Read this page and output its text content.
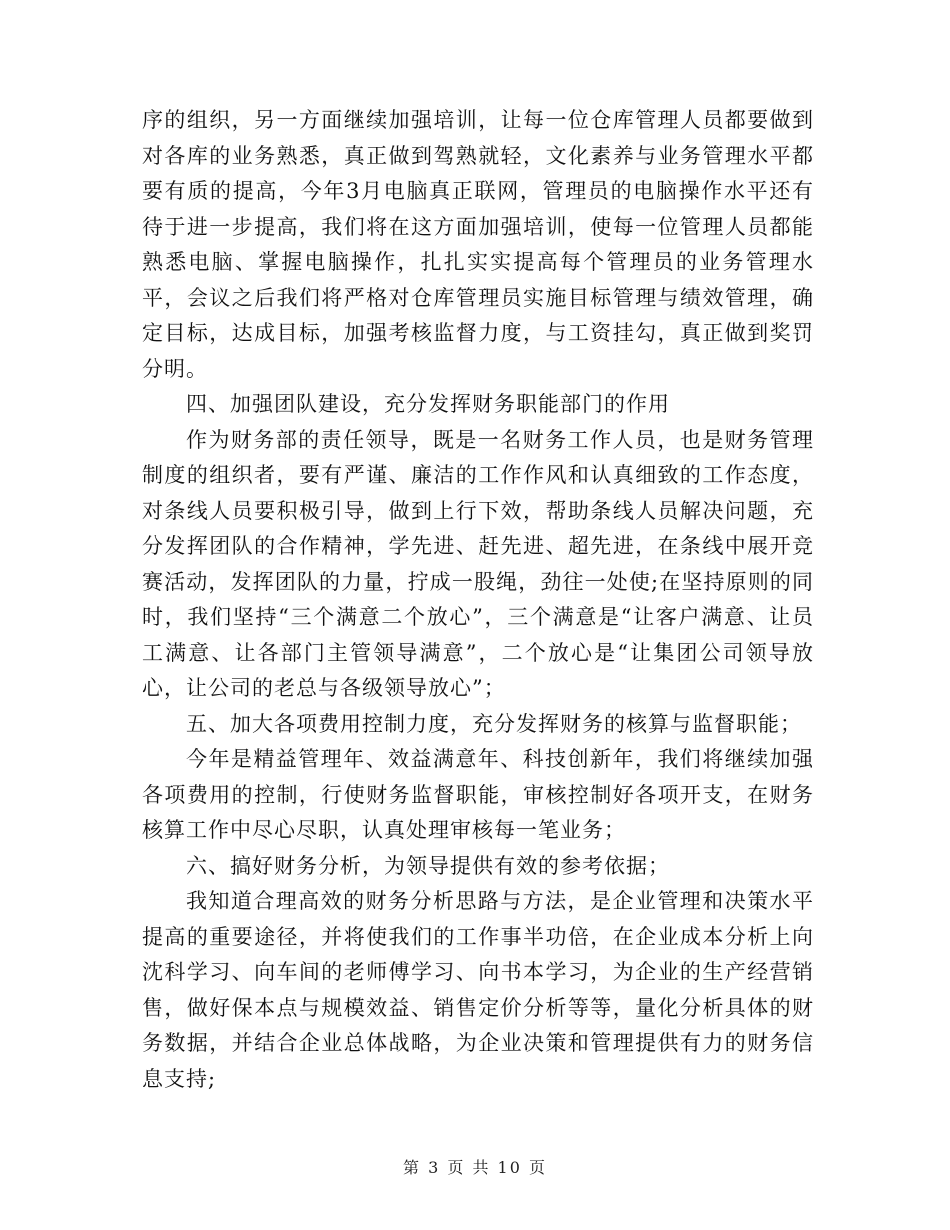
序的组织，另一方面继续加强培训，让每一位仓库管理人员都要做到对各库的业务熟悉，真正做到驾熟就轻，文化素养与业务管理水平都要有质的提高，今年3月电脑真正联网，管理员的电脑操作水平还有待于进一步提高，我们将在这方面加强培训，使每一位管理人员都能熟悉电脑、掌握电脑操作，扎扎实实提高每个管理员的业务管理水平，会议之后我们将严格对仓库管理员实施目标管理与绩效管理，确定目标，达成目标，加强考核监督力度，与工资挂勾，真正做到奖罚分明。

四、加强团队建设，充分发挥财务职能部门的作用

作为财务部的责任领导，既是一名财务工作人员，也是财务管理制度的组织者，要有严谨、廉洁的工作作风和认真细致的工作态度，对条线人员要积极引导，做到上行下效，帮助条线人员解决问题，充分发挥团队的合作精神，学先进、赶先进、超先进，在条线中展开竞赛活动，发挥团队的力量，拧成一股绳，劲往一处使;在坚持原则的同时，我们坚持“三个满意二个放心”，三个满意是“让客户满意、让员工满意、让各部门主管领导满意”，二个放心是“让集团公司领导放心，让公司的老总与各级领导放心”；

五、加大各项费用控制力度，充分发挥财务的核算与监督职能；

今年是精益管理年、效益满意年、科技创新年，我们将继续加强各项费用的控制，行使财务监督职能，审核控制好各项开支，在财务核算工作中尽心尽职，认真处理审核每一笔业务；

六、搞好财务分析，为领导提供有效的参考依据；

我知道合理高效的财务分析思路与方法，是企业管理和决策水平提高的重要途径，并将使我们的工作事半功倍，在企业成本分析上向沈科学习、向车间的老师傅学习、向书本学习，为企业的生产经营销售，做好保本点与规模效益、销售定价分析等等，量化分析具体的财务数据，并结合企业总体战略，为企业决策和管理提供有力的财务信息支持;

第 3 页 共 10 页
